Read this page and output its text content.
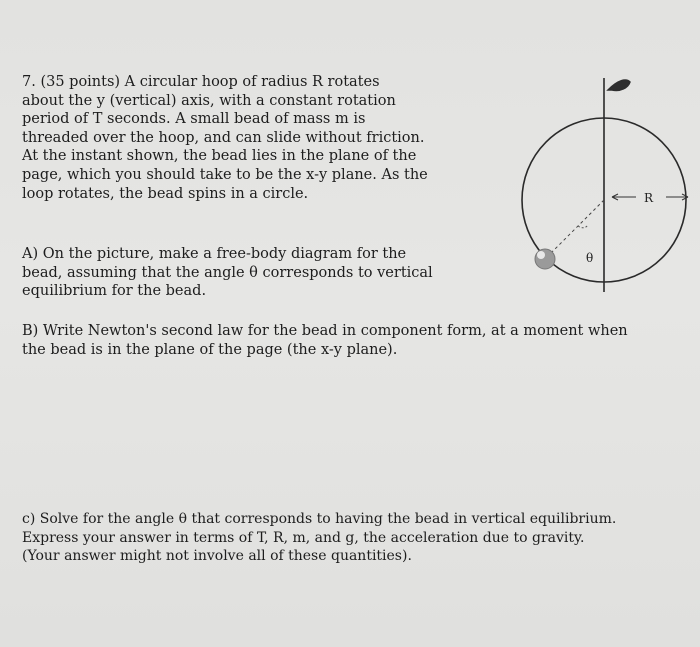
7. (35 points) A circular hoop of radius R rotates
about the y (vertical) axis, with a constant rotation
period of T seconds. A small bead of mass m is
threaded over the hoop, and can slide without friction.
At the instant shown, the bead lies in the plane of the
page, which you should take to be the x-y plane. As the
loop rotates, the bead spins in a circle.
A) On the picture, make a free-body diagram for the
bead, assuming that the angle θ corresponds to vertical
equilibrium for the bead.
B) Write Newton's second law for the bead in component form, at a moment when
the bead is in the plane of the page (the x-y plane).
c) Solve for the angle θ that corresponds to having the bead in vertical equilibrium.
Express your answer in terms of T, R, m, and g, the acceleration due to gravity.
(Your answer might not involve all of these quantities).
R
θ
